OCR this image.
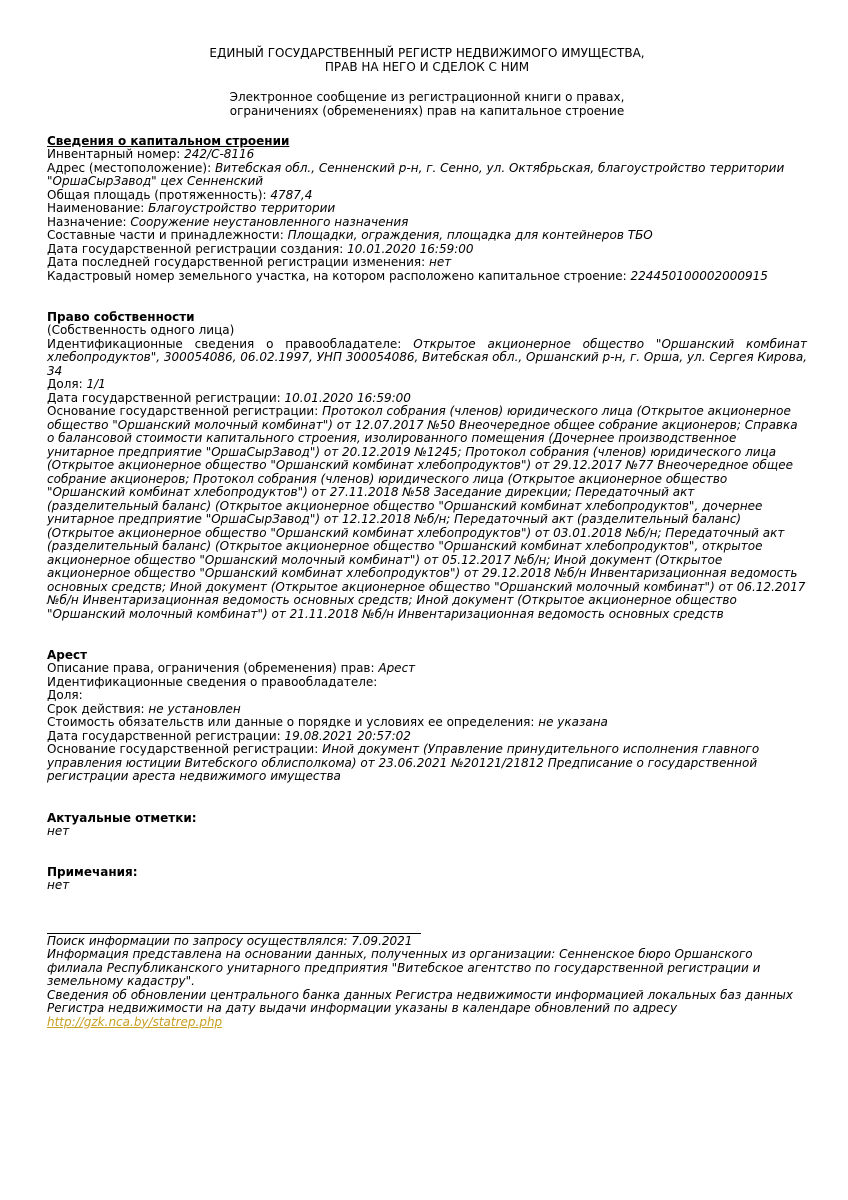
ЕДИНЫЙ ГОСУДАРСТВЕННЫЙ РЕГИСТР НЕДВИЖИМОГО ИМУЩЕСТВА,
ПРАВ НА НЕГО И СДЕЛОК С НИМ
Электронное сообщение из регистрационной книги о правах,
ограничениях (обременениях) прав на капитальное строение
Сведения о капитальном строении
Инвентарный номер: 242/C-8116
Адрес (местоположение): Витебская обл., Сенненский р-н, г. Сенно, ул. Октябрьская, благоустройство территории "ОршаСырЗавод" цех Сенненский
Общая площадь (протяженность): 4787,4
Наименование: Благоустройство территории
Назначение: Сооружение неустановленного назначения
Составные части и принадлежности: Площадки, ограждения, площадка для контейнеров ТБО
Дата государственной регистрации создания: 10.01.2020 16:59:00
Дата последней государственной регистрации изменения: нет
Кадастровый номер земельного участка, на котором расположено капитальное строение: 224450100002000915
Право собственности
(Собственность одного лица)
Идентификационные сведения о правообладателе: Открытое акционерное общество "Оршанский комбинат хлебопродуктов", 300054086, 06.02.1997, УНП 300054086, Витебская обл., Оршанский р-н, г. Орша, ул. Сергея Кирова, 34
Доля: 1/1
Дата государственной регистрации: 10.01.2020 16:59:00
Основание государственной регистрации: Протокол собрания (членов) юридического лица (Открытое акционерное общество "Оршанский молочный комбинат") от 12.07.2017 №50 Внеочередное общее собрание акционеров; Справка о балансовой стоимости капитального строения, изолированного помещения (Дочернее производственное унитарное предприятие "ОршаСырЗавод") от 20.12.2019 №1245; Протокол собрания (членов) юридического лица (Открытое акционерное общество "Оршанский комбинат хлебопродуктов") от 29.12.2017 №77 Внеочередное общее собрание акционеров; Протокол собрания (членов) юридического лица (Открытое акционерное общество "Оршанский комбинат хлебопродуктов") от 27.11.2018 №58 Заседание дирекции; Передаточный акт (разделительный баланс) (Открытое акционерное общество "Оршанский комбинат хлебопродуктов", дочернее унитарное предприятие "ОршаСырЗавод") от 12.12.2018 №б/н; Передаточный акт (разделительный баланс) (Открытое акционерное общество "Оршанский комбинат хлебопродуктов") от 03.01.2018 №б/н; Передаточный акт (разделительный баланс) (Открытое акционерное общество "Оршанский комбинат хлебопродуктов", открытое акционерное общество "Оршанский молочный комбинат") от 05.12.2017 №б/н; Иной документ (Открытое акционерное общество "Оршанский комбинат хлебопродуктов") от 29.12.2018 №б/н Инвентаризационная ведомость основных средств; Иной документ (Открытое акционерное общество "Оршанский молочный комбинат") от 06.12.2017 №б/н Инвентаризационная ведомость основных средств; Иной документ (Открытое акционерное общество "Оршанский молочный комбинат") от 21.11.2018 №б/н Инвентаризационная ведомость основных средств
Арест
Описание права, ограничения (обременения) прав: Арест
Идентификационные сведения о правообладателе:
Доля:
Срок действия: не установлен
Стоимость обязательств или данные о порядке и условиях ее определения: не указана
Дата государственной регистрации: 19.08.2021 20:57:02
Основание государственной регистрации: Иной документ (Управление принудительного исполнения главного управления юстиции Витебского облисполкома) от 23.06.2021 №20121/21812 Предписание о государственной регистрации ареста недвижимого имущества
Актуальные отметки:
нет
Примечания:
нет
Поиск информации по запросу осуществлялся: 7.09.2021
Информация представлена на основании данных, полученных из организации: Сенненское бюро Оршанского филиала Республиканского унитарного предприятия "Витебское агентство по государственной регистрации и земельному кадастру".
Сведения об обновлении центрального банка данных Регистра недвижимости информацией локальных баз данных Регистра недвижимости на дату выдачи информации указаны в календаре обновлений по адресу
http://gzk.nca.by/statrep.php
